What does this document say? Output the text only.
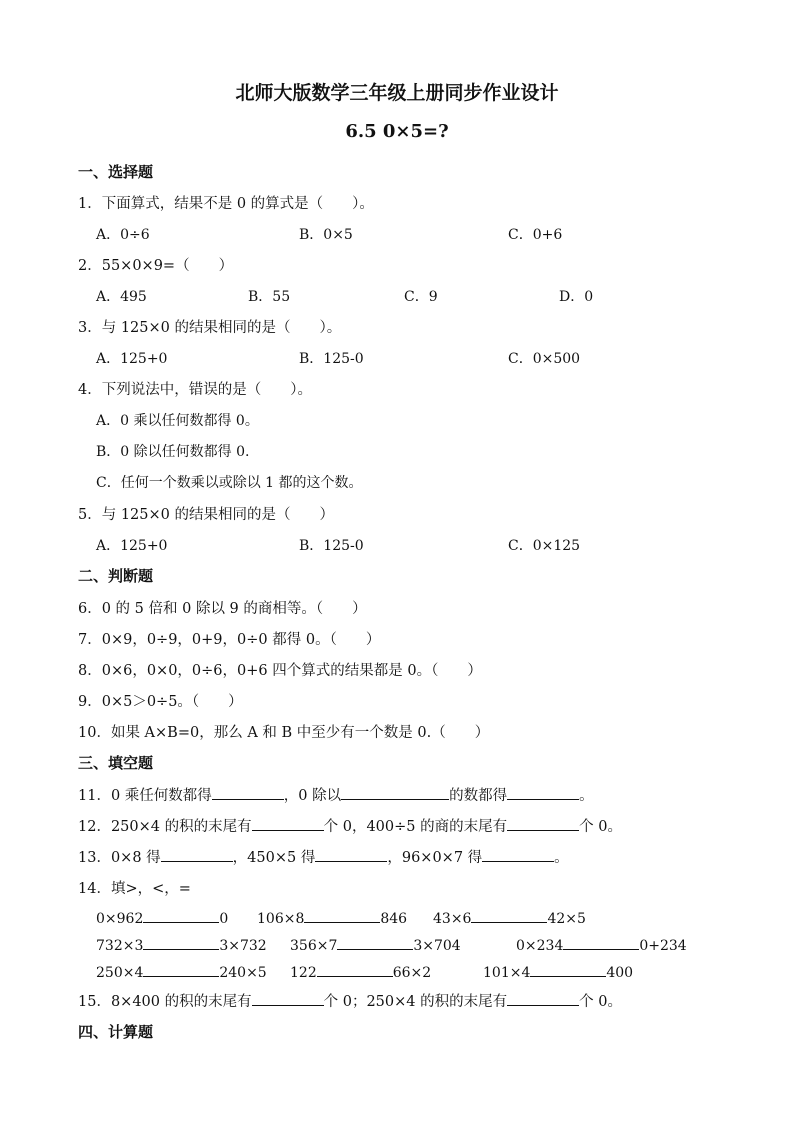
北师大版数学三年级上册同步作业设计
6.5 0×5=?
一、选择题
1．下面算式，结果不是 0 的算式是（　　）。
A．0÷6	B．0×5	C．0+6
2．55×0×9=（　　）
A．495	B．55	C．9	D．0
3．与 125×0 的结果相同的是（　　）。
A．125+0	B．125-0	C．0×500
4．下列说法中，错误的是（　　）。
A．0 乘以任何数都得 0。
B．0 除以任何数都得 0.
C．任何一个数乘以或除以 1 都的这个数。
5．与 125×0 的结果相同的是（　　）
A．125+0	B．125-0	C．0×125
二、判断题
6．0 的 5 倍和 0 除以 9 的商相等。（　　）
7．0×9，0÷9，0+9，0÷0 都得 0。（　　）
8．0×6，0×0，0÷6，0+6 四个算式的结果都是 0。（　　）
9．0×5＞0÷5。（　　）
10．如果 A×B=0，那么 A 和 B 中至少有一个数是 0.（　　）
三、填空题
11．0 乘任何数都得	，0 除以	的数都得	。
12．250×4 的积的末尾有	个 0，400÷5 的商的末尾有	个 0。
13．0×8 得	，450×5 得	，96×0×7 得	。
14．填>，<，=
0×962	0 106×8	846 43×6	42×5
732×3	3×732 356×7	3×704	0×234	0+234
250×4	240×5 122	66×2	101×4	400
15．8×400 的积的末尾有	个 0；250×4 的积的末尾有	个 0。
四、计算题
